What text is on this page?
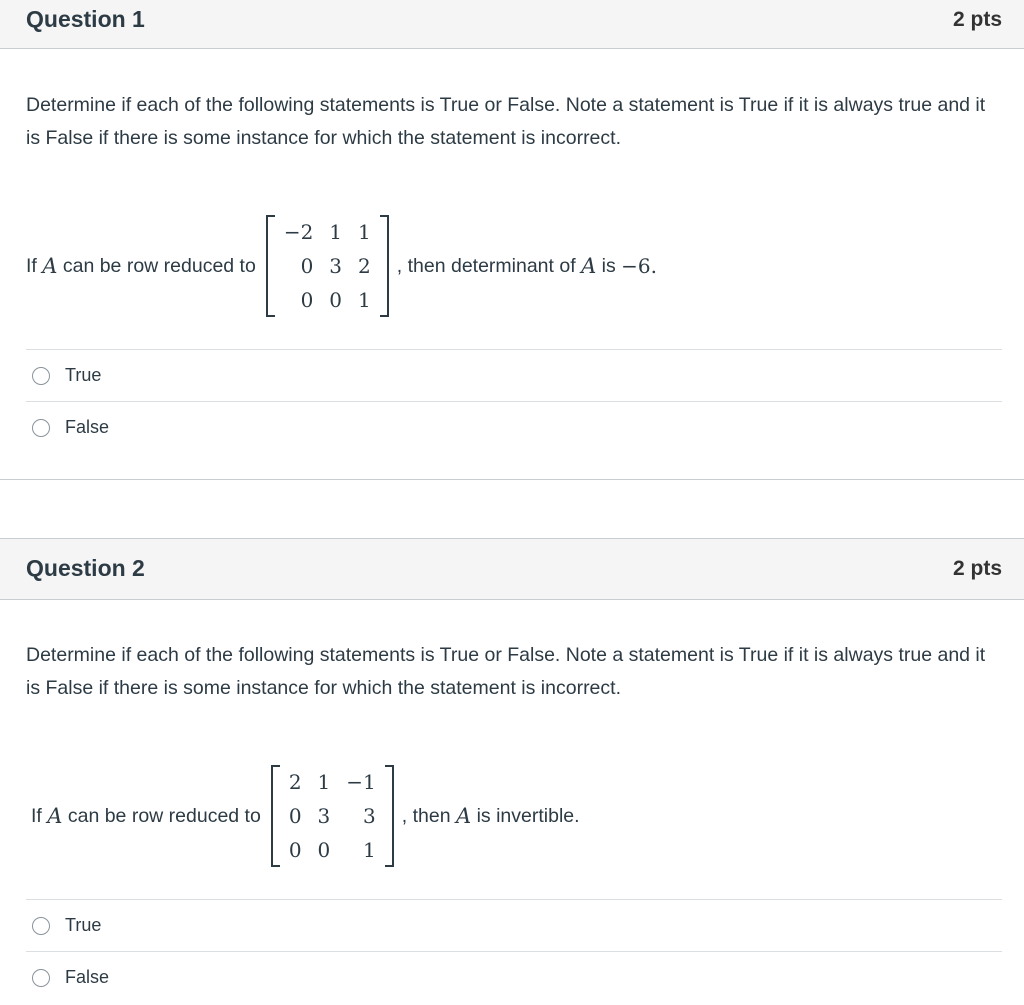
Question 1	2 pts
Determine if each of the following statements is True or False. Note a statement is True if it is always true and it is False if there is some instance for which the statement is incorrect.
If
A
can be row reduced to
−2	1	1
0	3	2
0	0	1
, then determinant of
A
is
−6.
True
False
Question 2	2 pts
Determine if each of the following statements is True or False. Note a statement is True if it is always true and it is False if there is some instance for which the statement is incorrect.
If
A
can be row reduced to
2	1	−1
0	3	3
0	0	1
, then
A
is invertible.
True
False
